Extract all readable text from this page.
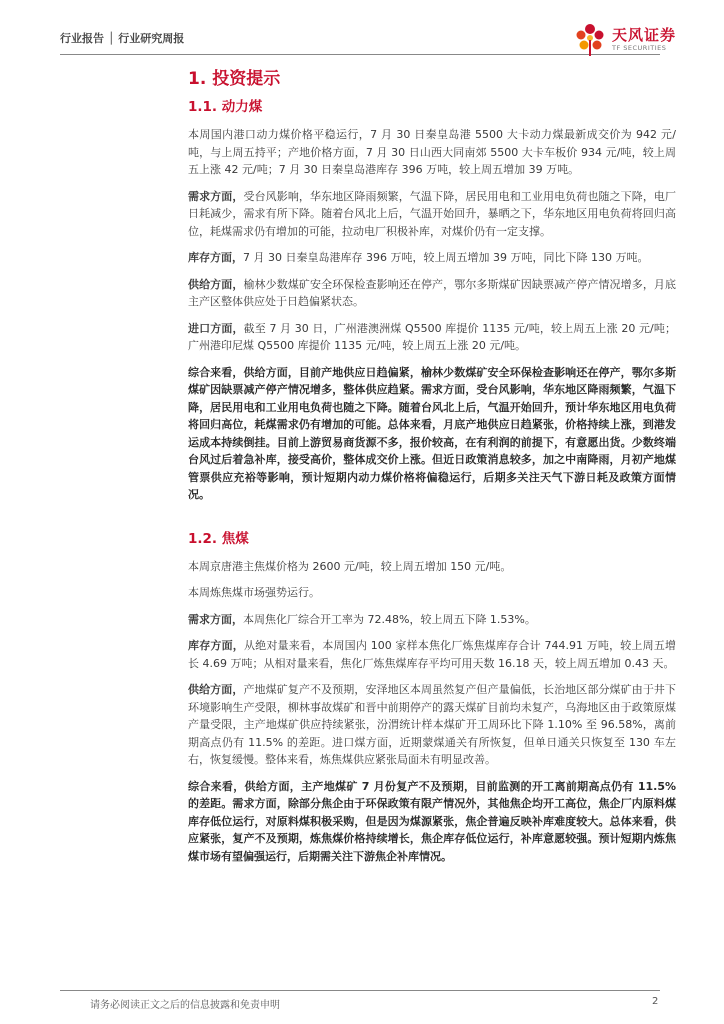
行业报告 │ 行业研究周报	天风证券
TF SECURITIES
1. 投资提示
1.1. 动力煤

本周国内港口动力煤价格平稳运行，7 月 30 日秦皇岛港 5500 大卡动力煤最新成交价为 942 元/吨，与上周五持平；产地价格方面，7 月 30 日山西大同南郊 5500 大卡车板价 934 元/吨，较上周五上涨 42 元/吨；7 月 30 日秦皇岛港库存 396 万吨，较上周五增加 39 万吨。

需求方面，受台风影响，华东地区降雨频繁，气温下降，居民用电和工业用电负荷也随之下降，电厂日耗减少，需求有所下降。随着台风北上后，气温开始回升，暴晒之下，华东地区用电负荷将回归高位，耗煤需求仍有增加的可能，拉动电厂积极补库，对煤价仍有一定支撑。

库存方面，7 月 30 日秦皇岛港库存 396 万吨，较上周五增加 39 万吨，同比下降 130 万吨。

供给方面，榆林少数煤矿安全环保检查影响还在停产，鄂尔多斯煤矿因缺票减产停产情况增多，月底主产区整体供应处于日趋偏紧状态。

进口方面，截至 7 月 30 日，广州港澳洲煤 Q5500 库提价 1135 元/吨，较上周五上涨 20 元/吨；广州港印尼煤 Q5500 库提价 1135 元/吨，较上周五上涨 20 元/吨。

综合来看，供给方面，目前产地供应日趋偏紧，榆林少数煤矿安全环保检查影响还在停产，鄂尔多斯煤矿因缺票减产停产情况增多，整体供应趋紧。需求方面，受台风影响，华东地区降雨频繁，气温下降，居民用电和工业用电负荷也随之下降。随着台风北上后，气温开始回升，预计华东地区用电负荷将回归高位，耗煤需求仍有增加的可能。总体来看，月底产地供应日趋紧张，价格持续上涨，到港发运成本持续倒挂。目前上游贸易商货源不多，报价较高，在有利润的前提下，有意愿出货。少数终端台风过后着急补库，接受高价，整体成交价上涨。但近日政策消息较多，加之中南降雨，月初产地煤管票供应充裕等影响，预计短期内动力煤价格将偏稳运行，后期多关注天气下游日耗及政策方面情况。

1.2. 焦煤

本周京唐港主焦煤价格为 2600 元/吨，较上周五增加 150 元/吨。

本周炼焦煤市场强势运行。

需求方面，本周焦化厂综合开工率为 72.48%，较上周五下降 1.53%。

库存方面，从绝对量来看，本周国内 100 家样本焦化厂炼焦煤库存合计 744.91 万吨，较上周五增长 4.69 万吨；从相对量来看，焦化厂炼焦煤库存平均可用天数 16.18 天，较上周五增加 0.43 天。

供给方面，产地煤矿复产不及预期，安泽地区本周虽然复产但产量偏低，长治地区部分煤矿由于井下环境影响生产受限，柳林事故煤矿和晋中前期停产的露天煤矿目前均未复产，乌海地区由于政策原煤产量受限，主产地煤矿供应持续紧张，汾渭统计样本煤矿开工周环比下降 1.10% 至 96.58%，离前期高点仍有 11.5% 的差距。进口煤方面，近期蒙煤通关有所恢复，但单日通关只恢复至 130 车左右，恢复缓慢。整体来看，炼焦煤供应紧张局面未有明显改善。

综合来看，供给方面，主产地煤矿 7 月份复产不及预期，目前监测的开工离前期高点仍有 11.5% 的差距。需求方面，除部分焦企由于环保政策有限产情况外，其他焦企均开工高位，焦企厂内原料煤库存低位运行，对原料煤积极采购，但是因为煤源紧张，焦企普遍反映补库难度较大。总体来看，供应紧张，复产不及预期，炼焦煤价格持续增长，焦企库存低位运行，补库意愿较强。预计短期内炼焦煤市场有望偏强运行，后期需关注下游焦企补库情况。

请务必阅读正文之后的信息披露和免责申明	2
